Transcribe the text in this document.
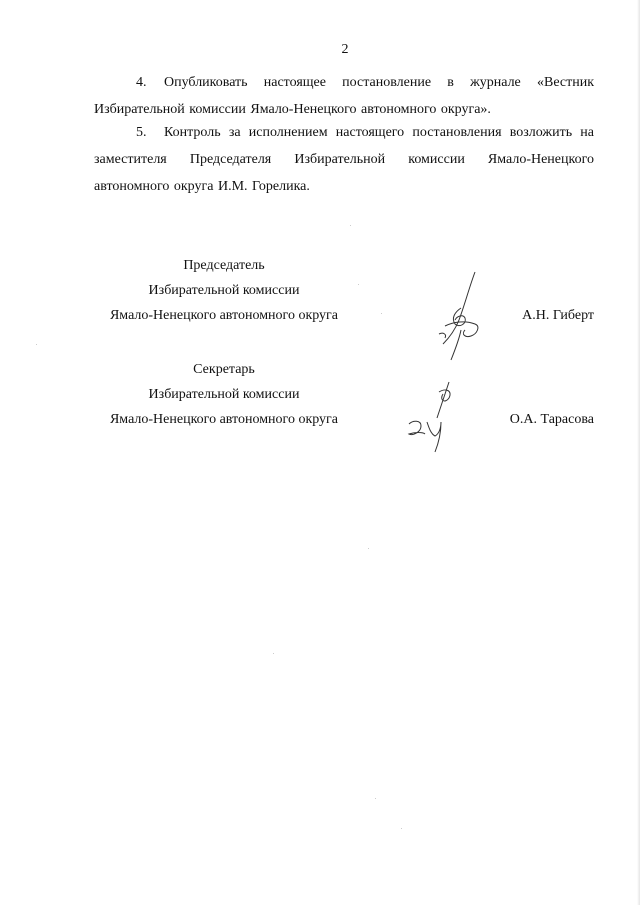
2
4. Опубликовать настоящее постановление в журнале «Вестник Избирательной комиссии Ямало-Ненецкого автономного округа».
5. Контроль за исполнением настоящего постановления возложить на заместителя Председателя Избирательной комиссии Ямало-Ненецкого автономного округа И.М. Горелика.
Председатель
Избирательной комиссии
Ямало-Ненецкого автономного округа	А.Н. Гиберт
Секретарь
Избирательной комиссии
Ямало-Ненецкого автономного округа	О.А. Тарасова
